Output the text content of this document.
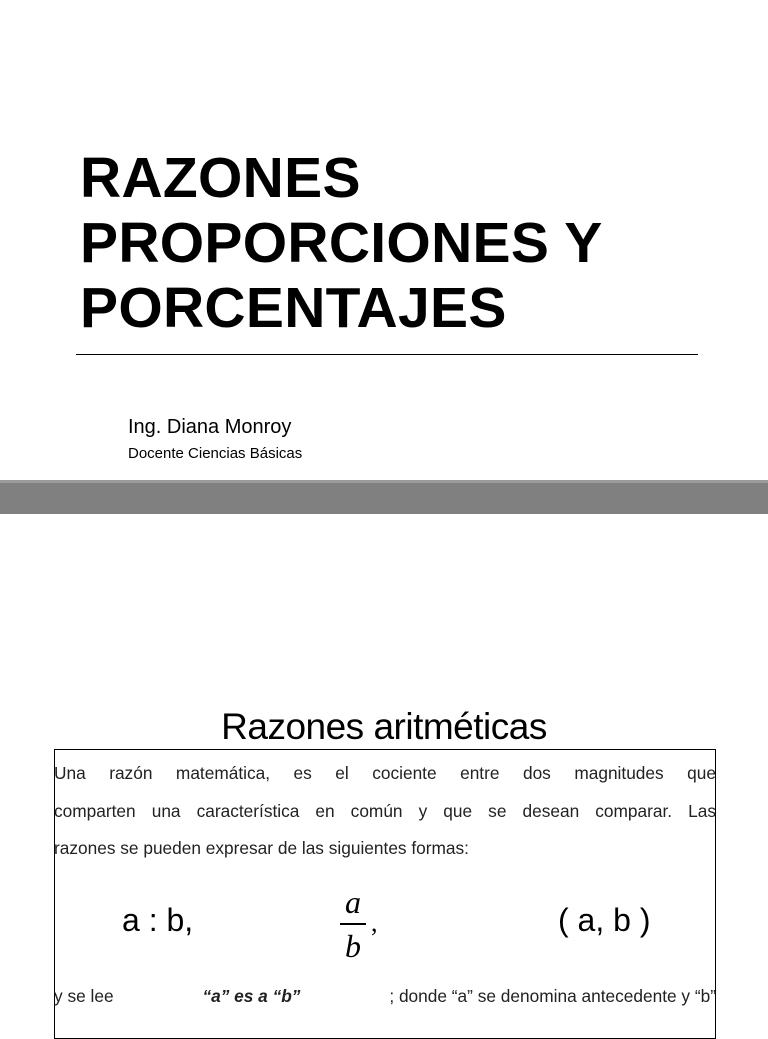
RAZONES
PROPORCIONES Y
PORCENTAJES
Ing. Diana Monroy
Docente Ciencias Básicas
Razones aritméticas

Una razón matemática, es el cociente entre dos magnitudes que
comparten una característica en común y que se desean comparar. Las
razones se pueden expresar de las siguientes formas:

a : b,	a
b
,	( a, b )

y se lee	“a” es a “b”	; donde “a” se denomina antecedente y “b”
